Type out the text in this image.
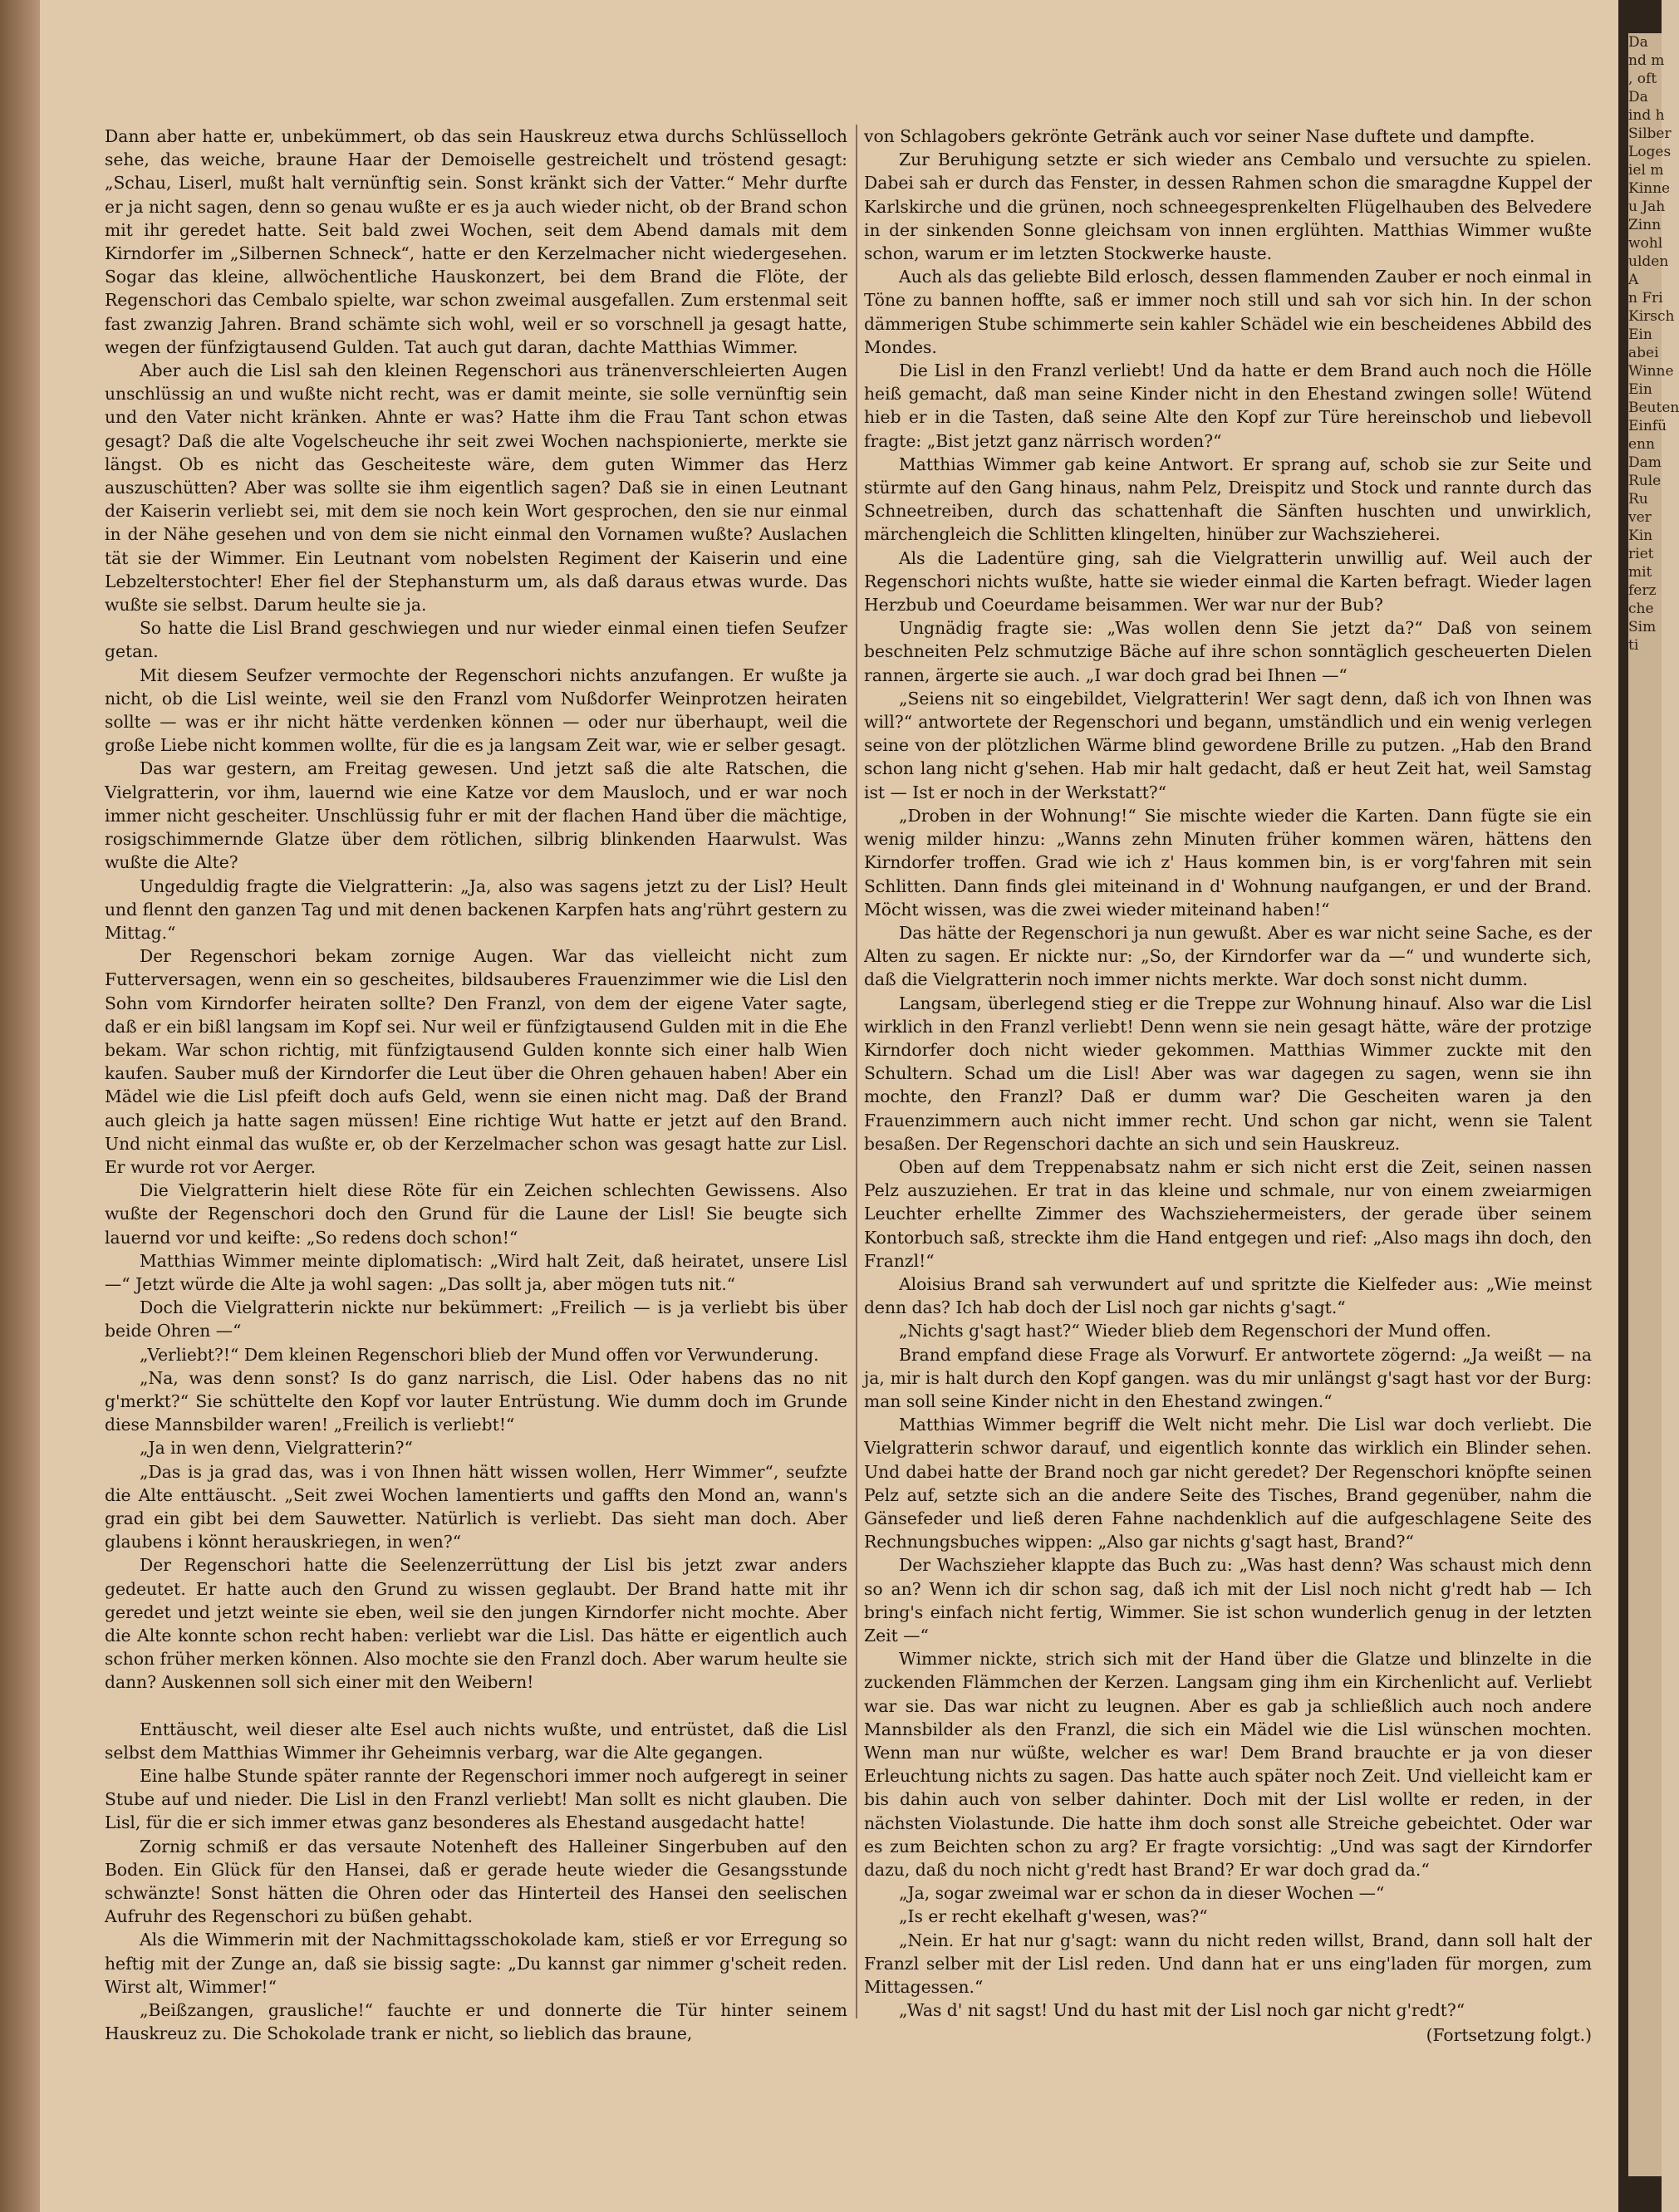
Dann aber hatte er, unbekümmert, ob das sein Hauskreuz etwa durchs Schlüsselloch sehe, das weiche, braune Haar der Demoiselle gestreichelt und tröstend gesagt: „Schau, Liserl, mußt halt vernünftig sein. Sonst kränkt sich der Vatter.“ Mehr durfte er ja nicht sagen, denn so genau wußte er es ja auch wieder nicht, ob der Brand schon mit ihr geredet hatte. Seit bald zwei Wochen, seit dem Abend damals mit dem Kirndorfer im „Silbernen Schneck“, hatte er den Kerzelmacher nicht wiedergesehen. Sogar das kleine, allwöchentliche Hauskonzert, bei dem Brand die Flöte, der Regenschori das Cembalo spielte, war schon zweimal ausgefallen. Zum erstenmal seit fast zwanzig Jahren. Brand schämte sich wohl, weil er so vorschnell ja gesagt hatte, wegen der fünfzigtausend Gulden. Tat auch gut daran, dachte Matthias Wimmer.

Aber auch die Lisl sah den kleinen Regenschori aus tränenverschleierten Augen unschlüssig an und wußte nicht recht, was er damit meinte, sie solle vernünftig sein und den Vater nicht kränken. Ahnte er was? Hatte ihm die Frau Tant schon etwas gesagt? Daß die alte Vogelscheuche ihr seit zwei Wochen nachspionierte, merkte sie längst. Ob es nicht das Gescheiteste wäre, dem guten Wimmer das Herz auszuschütten? Aber was sollte sie ihm eigentlich sagen? Daß sie in einen Leutnant der Kaiserin verliebt sei, mit dem sie noch kein Wort gesprochen, den sie nur einmal in der Nähe gesehen und von dem sie nicht einmal den Vornamen wußte? Auslachen tät sie der Wimmer. Ein Leutnant vom nobelsten Regiment der Kaiserin und eine Lebzelterstochter! Eher fiel der Stephansturm um, als daß daraus etwas wurde. Das wußte sie selbst. Darum heulte sie ja.

So hatte die Lisl Brand geschwiegen und nur wieder einmal einen tiefen Seufzer getan.

Mit diesem Seufzer vermochte der Regenschori nichts anzufangen. Er wußte ja nicht, ob die Lisl weinte, weil sie den Franzl vom Nußdorfer Weinprotzen heiraten sollte — was er ihr nicht hätte verdenken können — oder nur überhaupt, weil die große Liebe nicht kommen wollte, für die es ja langsam Zeit war, wie er selber gesagt.

Das war gestern, am Freitag gewesen. Und jetzt saß die alte Ratschen, die Vielgratterin, vor ihm, lauernd wie eine Katze vor dem Mausloch, und er war noch immer nicht gescheiter. Unschlüssig fuhr er mit der flachen Hand über die mächtige, rosigschimmernde Glatze über dem rötlichen, silbrig blinkenden Haarwulst. Was wußte die Alte?

Ungeduldig fragte die Vielgratterin: „Ja, also was sagens jetzt zu der Lisl? Heult und flennt den ganzen Tag und mit denen backenen Karpfen hats ang'rührt gestern zu Mittag.“

Der Regenschori bekam zornige Augen. War das vielleicht nicht zum Futterversagen, wenn ein so gescheites, bildsauberes Frauenzimmer wie die Lisl den Sohn vom Kirndorfer heiraten sollte? Den Franzl, von dem der eigene Vater sagte, daß er ein bißl langsam im Kopf sei. Nur weil er fünfzigtausend Gulden mit in die Ehe bekam. War schon richtig, mit fünfzigtausend Gulden konnte sich einer halb Wien kaufen. Sauber muß der Kirndorfer die Leut über die Ohren gehauen haben! Aber ein Mädel wie die Lisl pfeift doch aufs Geld, wenn sie einen nicht mag. Daß der Brand auch gleich ja hatte sagen müssen! Eine richtige Wut hatte er jetzt auf den Brand. Und nicht einmal das wußte er, ob der Kerzelmacher schon was gesagt hatte zur Lisl. Er wurde rot vor Aerger.

Die Vielgratterin hielt diese Röte für ein Zeichen schlechten Gewissens. Also wußte der Regenschori doch den Grund für die Laune der Lisl! Sie beugte sich lauernd vor und keifte: „So redens doch schon!“

Matthias Wimmer meinte diplomatisch: „Wird halt Zeit, daß heiratet, unsere Lisl —“ Jetzt würde die Alte ja wohl sagen: „Das sollt ja, aber mögen tuts nit.“

Doch die Vielgratterin nickte nur bekümmert: „Freilich — is ja verliebt bis über beide Ohren —“

„Verliebt?!“ Dem kleinen Regenschori blieb der Mund offen vor Verwunderung.

„Na, was denn sonst? Is do ganz narrisch, die Lisl. Oder habens das no nit g'merkt?“ Sie schüttelte den Kopf vor lauter Entrüstung. Wie dumm doch im Grunde diese Mannsbilder waren! „Freilich is verliebt!“

„Ja in wen denn, Vielgratterin?“

„Das is ja grad das, was i von Ihnen hätt wissen wollen, Herr Wimmer“, seufzte die Alte enttäuscht. „Seit zwei Wochen lamentierts und gaffts den Mond an, wann's grad ein gibt bei dem Sauwetter. Natürlich is verliebt. Das sieht man doch. Aber glaubens i könnt herauskriegen, in wen?“

Der Regenschori hatte die Seelenzerrüttung der Lisl bis jetzt zwar anders gedeutet. Er hatte auch den Grund zu wissen geglaubt. Der Brand hatte mit ihr geredet und jetzt weinte sie eben, weil sie den jungen Kirndorfer nicht mochte. Aber die Alte konnte schon recht haben: verliebt war die Lisl. Das hätte er eigentlich auch schon früher merken können. Also mochte sie den Franzl doch. Aber warum heulte sie dann? Auskennen soll sich einer mit den Weibern!

Enttäuscht, weil dieser alte Esel auch nichts wußte, und entrüstet, daß die Lisl selbst dem Matthias Wimmer ihr Geheimnis verbarg, war die Alte gegangen.

Eine halbe Stunde später rannte der Regenschori immer noch aufgeregt in seiner Stube auf und nieder. Die Lisl in den Franzl verliebt! Man sollt es nicht glauben. Die Lisl, für die er sich immer etwas ganz besonderes als Ehestand ausgedacht hatte!

Zornig schmiß er das versaute Notenheft des Halleiner Singerbuben auf den Boden. Ein Glück für den Hansei, daß er gerade heute wieder die Gesangsstunde schwänzte! Sonst hätten die Ohren oder das Hinterteil des Hansei den seelischen Aufruhr des Regenschori zu büßen gehabt.

Als die Wimmerin mit der Nachmittagsschokolade kam, stieß er vor Erregung so heftig mit der Zunge an, daß sie bissig sagte: „Du kannst gar nimmer g'scheit reden. Wirst alt, Wimmer!“

„Beißzangen, grausliche!“ fauchte er und donnerte die Tür hinter seinem Hauskreuz zu. Die Schokolade trank er nicht, so lieblich das braune,

von Schlagobers gekrönte Getränk auch vor seiner Nase duftete und dampfte.

Zur Beruhigung setzte er sich wieder ans Cembalo und versuchte zu spielen. Dabei sah er durch das Fenster, in dessen Rahmen schon die smaragdne Kuppel der Karlskirche und die grünen, noch schneegesprenkelten Flügelhauben des Belvedere in der sinkenden Sonne gleichsam von innen erglühten. Matthias Wimmer wußte schon, warum er im letzten Stockwerke hauste.

Auch als das geliebte Bild erlosch, dessen flammenden Zauber er noch einmal in Töne zu bannen hoffte, saß er immer noch still und sah vor sich hin. In der schon dämmerigen Stube schimmerte sein kahler Schädel wie ein bescheidenes Abbild des Mondes.

Die Lisl in den Franzl verliebt! Und da hatte er dem Brand auch noch die Hölle heiß gemacht, daß man seine Kinder nicht in den Ehestand zwingen solle! Wütend hieb er in die Tasten, daß seine Alte den Kopf zur Türe hereinschob und liebevoll fragte: „Bist jetzt ganz närrisch worden?“

Matthias Wimmer gab keine Antwort. Er sprang auf, schob sie zur Seite und stürmte auf den Gang hinaus, nahm Pelz, Dreispitz und Stock und rannte durch das Schneetreiben, durch das schattenhaft die Sänften huschten und unwirklich, märchengleich die Schlitten klingelten, hinüber zur Wachszieherei.

Als die Ladentüre ging, sah die Vielgratterin unwillig auf. Weil auch der Regenschori nichts wußte, hatte sie wieder einmal die Karten befragt. Wieder lagen Herzbub und Coeurdame beisammen. Wer war nur der Bub?

Ungnädig fragte sie: „Was wollen denn Sie jetzt da?“ Daß von seinem beschneiten Pelz schmutzige Bäche auf ihre schon sonntäglich gescheuerten Dielen rannen, ärgerte sie auch. „I war doch grad bei Ihnen —“

„Seiens nit so eingebildet, Vielgratterin! Wer sagt denn, daß ich von Ihnen was will?“ antwortete der Regenschori und begann, umständlich und ein wenig verlegen seine von der plötzlichen Wärme blind gewordene Brille zu putzen. „Hab den Brand schon lang nicht g'sehen. Hab mir halt gedacht, daß er heut Zeit hat, weil Samstag ist — Ist er noch in der Werkstatt?“

„Droben in der Wohnung!“ Sie mischte wieder die Karten. Dann fügte sie ein wenig milder hinzu: „Wanns zehn Minuten früher kommen wären, hättens den Kirndorfer troffen. Grad wie ich z' Haus kommen bin, is er vorg'fahren mit sein Schlitten. Dann finds glei miteinand in d' Wohnung naufgangen, er und der Brand. Möcht wissen, was die zwei wieder miteinand haben!“

Das hätte der Regenschori ja nun gewußt. Aber es war nicht seine Sache, es der Alten zu sagen. Er nickte nur: „So, der Kirndorfer war da —“ und wunderte sich, daß die Vielgratterin noch immer nichts merkte. War doch sonst nicht dumm.

Langsam, überlegend stieg er die Treppe zur Wohnung hinauf. Also war die Lisl wirklich in den Franzl verliebt! Denn wenn sie nein gesagt hätte, wäre der protzige Kirndorfer doch nicht wieder gekommen. Matthias Wimmer zuckte mit den Schultern. Schad um die Lisl! Aber was war dagegen zu sagen, wenn sie ihn mochte, den Franzl? Daß er dumm war? Die Gescheiten waren ja den Frauenzimmern auch nicht immer recht. Und schon gar nicht, wenn sie Talent besaßen. Der Regenschori dachte an sich und sein Hauskreuz.

Oben auf dem Treppenabsatz nahm er sich nicht erst die Zeit, seinen nassen Pelz auszuziehen. Er trat in das kleine und schmale, nur von einem zweiarmigen Leuchter erhellte Zimmer des Wachsziehermeisters, der gerade über seinem Kontorbuch saß, streckte ihm die Hand entgegen und rief: „Also mags ihn doch, den Franzl!“

Aloisius Brand sah verwundert auf und spritzte die Kielfeder aus: „Wie meinst denn das? Ich hab doch der Lisl noch gar nichts g'sagt.“

„Nichts g'sagt hast?“ Wieder blieb dem Regenschori der Mund offen.

Brand empfand diese Frage als Vorwurf. Er antwortete zögernd: „Ja weißt — na ja, mir is halt durch den Kopf gangen. was du mir unlängst g'sagt hast vor der Burg: man soll seine Kinder nicht in den Ehestand zwingen.“

Matthias Wimmer begriff die Welt nicht mehr. Die Lisl war doch verliebt. Die Vielgratterin schwor darauf, und eigentlich konnte das wirklich ein Blinder sehen. Und dabei hatte der Brand noch gar nicht geredet? Der Regenschori knöpfte seinen Pelz auf, setzte sich an die andere Seite des Tisches, Brand gegenüber, nahm die Gänsefeder und ließ deren Fahne nachdenklich auf die aufgeschlagene Seite des Rechnungsbuches wippen: „Also gar nichts g'sagt hast, Brand?“

Der Wachszieher klappte das Buch zu: „Was hast denn? Was schaust mich denn so an? Wenn ich dir schon sag, daß ich mit der Lisl noch nicht g'redt hab — Ich bring's einfach nicht fertig, Wimmer. Sie ist schon wunderlich genug in der letzten Zeit —“

Wimmer nickte, strich sich mit der Hand über die Glatze und blinzelte in die zuckenden Flämmchen der Kerzen. Langsam ging ihm ein Kirchenlicht auf. Verliebt war sie. Das war nicht zu leugnen. Aber es gab ja schließlich auch noch andere Mannsbilder als den Franzl, die sich ein Mädel wie die Lisl wünschen mochten. Wenn man nur wüßte, welcher es war! Dem Brand brauchte er ja von dieser Erleuchtung nichts zu sagen. Das hatte auch später noch Zeit. Und vielleicht kam er bis dahin auch von selber dahinter. Doch mit der Lisl wollte er reden, in der nächsten Violastunde. Die hatte ihm doch sonst alle Streiche gebeichtet. Oder war es zum Beichten schon zu arg? Er fragte vorsichtig: „Und was sagt der Kirndorfer dazu, daß du noch nicht g'redt hast Brand? Er war doch grad da.“

„Ja, sogar zweimal war er schon da in dieser Wochen —“

„Is er recht ekelhaft g'wesen, was?“

„Nein. Er hat nur g'sagt: wann du nicht reden willst, Brand, dann soll halt der Franzl selber mit der Lisl reden. Und dann hat er uns eing'laden für morgen, zum Mittagessen.“

„Was d' nit sagst! Und du hast mit der Lisl noch gar nicht g'redt?“

(Fortsetzung folgt.)
Da
nd m
, oft
Da
ind h
Silber
Loges
iel m
Kinne
u Jah
Zinn
wohl
ulden
A
n Fri
Kirsch
Ein
abei
Winne
Ein
Beuten
Einfü
enn
Dam
Rule
Ru
ver
Kin
riet
mit
ferz
che
Sim
ti
